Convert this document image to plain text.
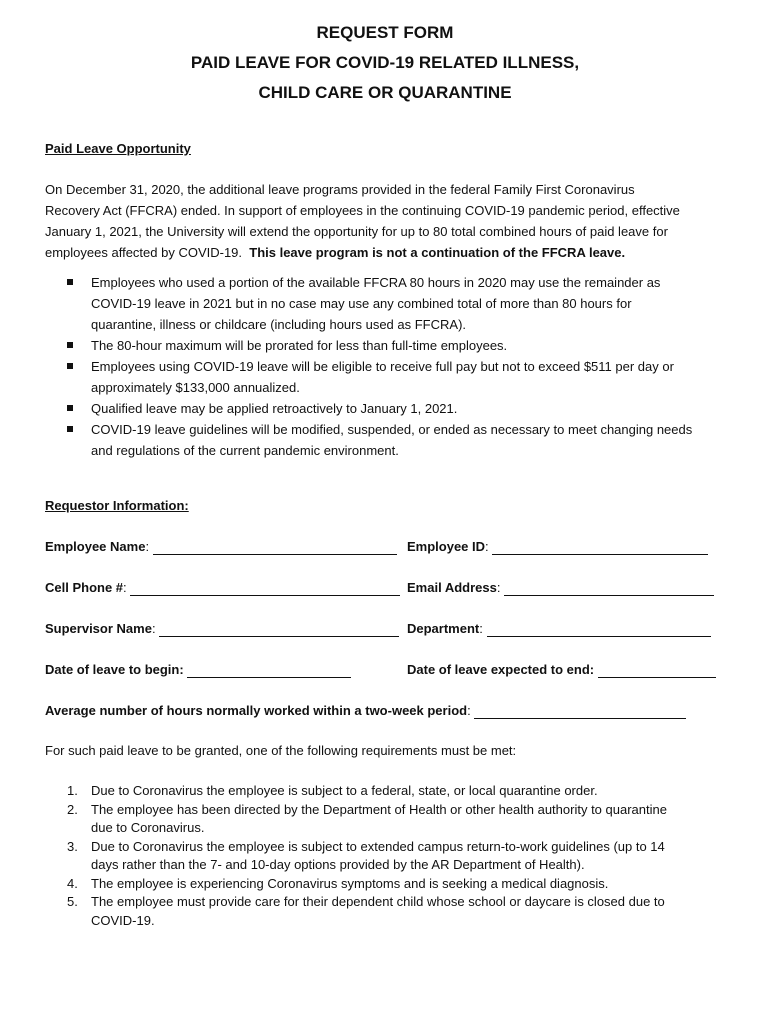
REQUEST FORM
PAID LEAVE FOR COVID-19 RELATED ILLNESS,
CHILD CARE OR QUARANTINE
Paid Leave Opportunity
On December 31, 2020, the additional leave programs provided in the federal Family First Coronavirus
Recovery Act (FFCRA) ended. In support of employees in the continuing COVID-19 pandemic period, effective
January 1, 2021, the University will extend the opportunity for up to 80 total combined hours of paid leave for
employees affected by COVID-19.  This leave program is not a continuation of the FFCRA leave.
Employees who used a portion of the available FFCRA 80 hours in 2020 may use the remainder as
COVID-19 leave in 2021 but in no case may use any combined total of more than 80 hours for
quarantine, illness or childcare (including hours used as FFCRA).
The 80-hour maximum will be prorated for less than full-time employees.
Employees using COVID-19 leave will be eligible to receive full pay but not to exceed $511 per day or
approximately $133,000 annualized.
Qualified leave may be applied retroactively to January 1, 2021.
COVID-19 leave guidelines will be modified, suspended, or ended as necessary to meet changing needs
and regulations of the current pandemic environment.
Requestor Information:
Employee Name:	Employee ID:
Cell Phone #:	Email Address:
Supervisor Name:	Department:
Date of leave to begin:	Date of leave expected to end:
Average number of hours normally worked within a two-week period:
For such paid leave to be granted, one of the following requirements must be met:
1. Due to Coronavirus the employee is subject to a federal, state, or local quarantine order.
2. The employee has been directed by the Department of Health or other health authority to quarantine
due to Coronavirus.
3. Due to Coronavirus the employee is subject to extended campus return-to-work guidelines (up to 14
days rather than the 7- and 10-day options provided by the AR Department of Health).
4. The employee is experiencing Coronavirus symptoms and is seeking a medical diagnosis.
5. The employee must provide care for their dependent child whose school or daycare is closed due to
COVID-19.
